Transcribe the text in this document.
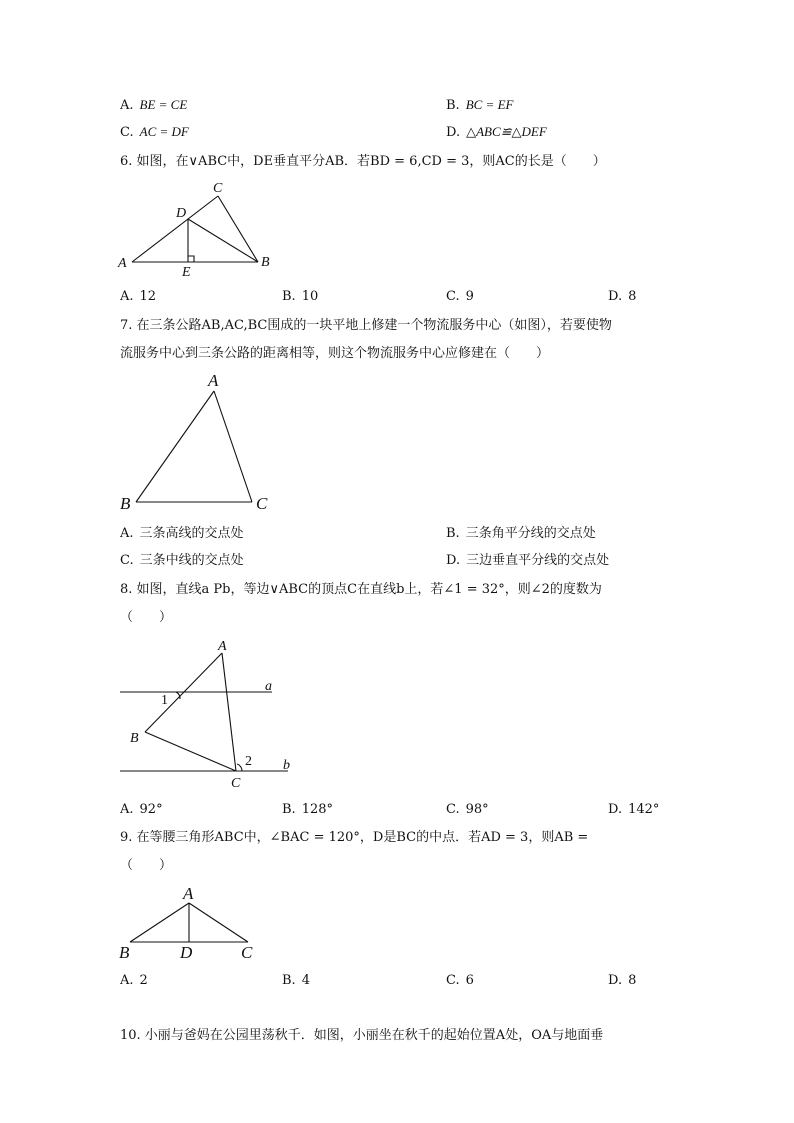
A. BE = CE	B. BC = EF
C. AC = DF	D. △ABC≌△DEF
6. 如图，在∨ABC中，DE垂直平分AB．若BD = 6,CD = 3，则AC的长是（　　）
A	B
C
D
E
A. 12	B. 10	C. 9	D. 8
7. 在三条公路AB,AC,BC围成的一块平地上修建一个物流服务中心（如图），若要使物
流服务中心到三条公路的距离相等，则这个物流服务中心应修建在（　　）
A
B	C
A. 三条高线的交点处	B. 三条角平分线的交点处
C. 三条中线的交点处	D. 三边垂直平分线的交点处
8. 如图，直线a Pb，等边∨ABC的顶点C在直线b上，若∠1 = 32°，则∠2的度数为
（　　）
A
B
C
a
b
1
2
A. 92°	B. 128°	C. 98°	D. 142°
9. 在等腰三角形ABC中，∠BAC = 120°，D是BC的中点．若AD = 3，则AB =
（　　）
A
B	C
D
A. 2	B. 4	C. 6	D. 8
10. 小丽与爸妈在公园里荡秋千．如图，小丽坐在秋千的起始位置A处，OA与地面垂
